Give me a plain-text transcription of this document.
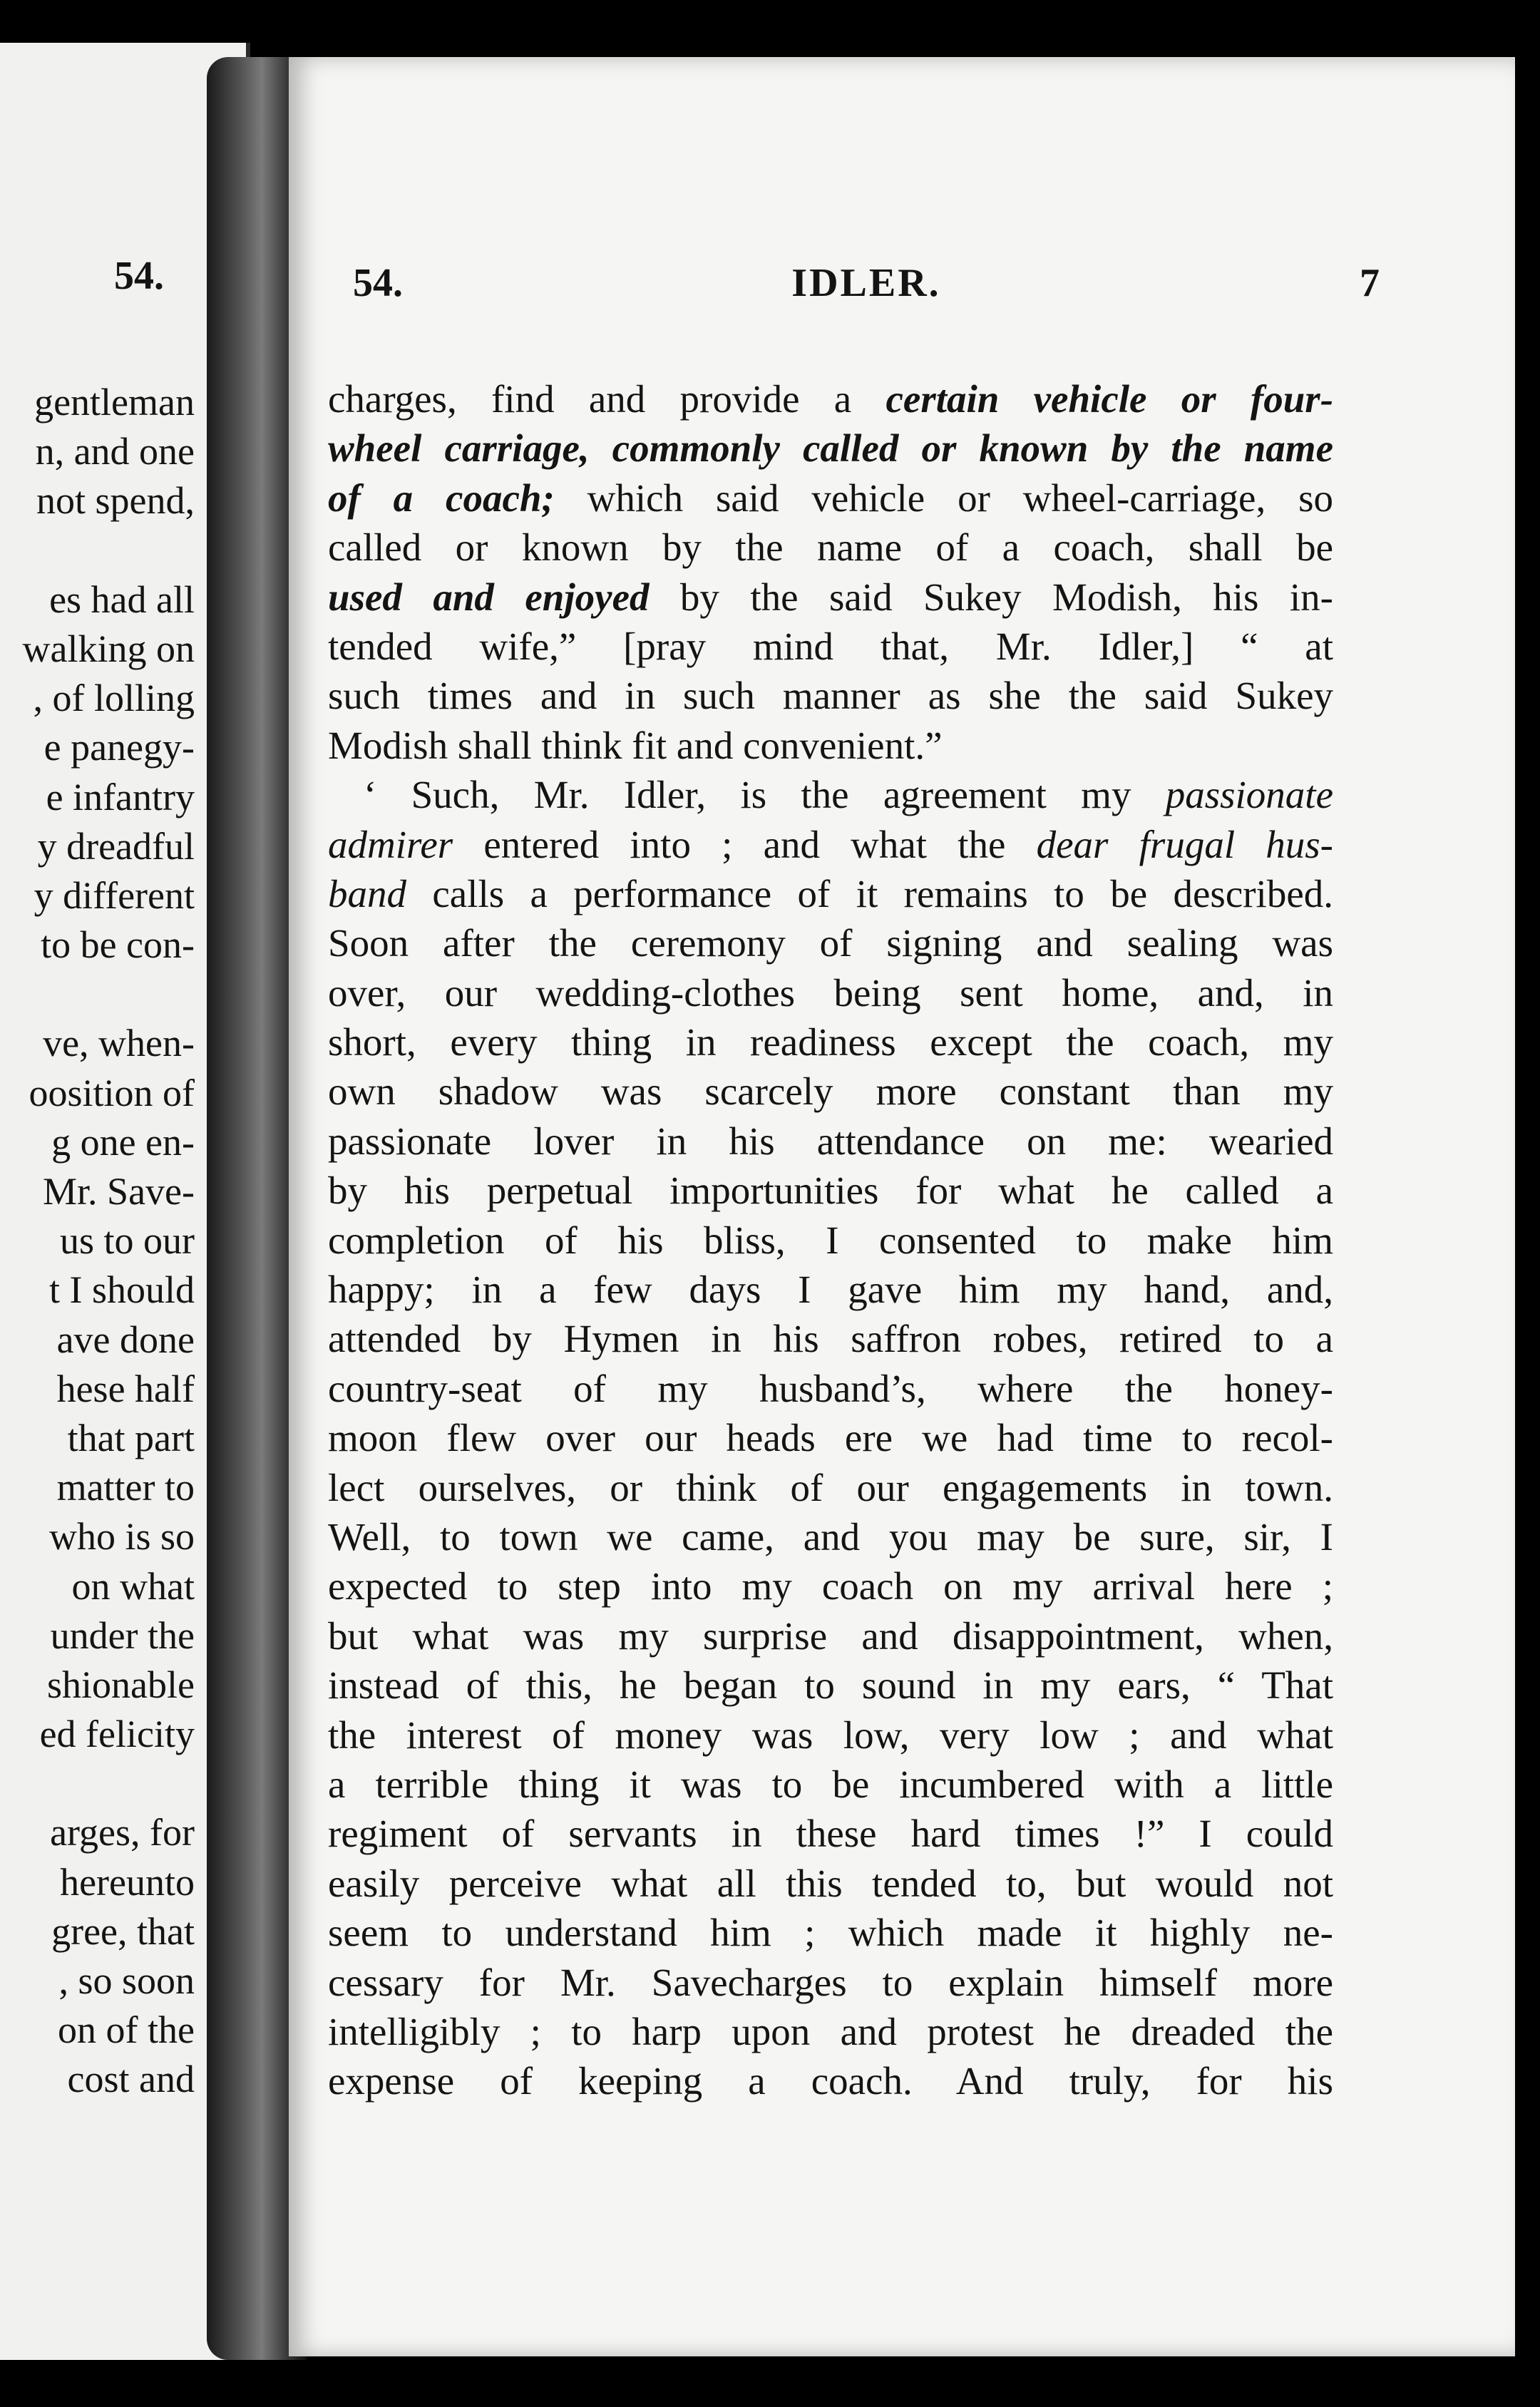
54.
gentleman
n, and one
not spend,
es had all
walking on
, of lolling
e panegy-
e infantry
y dreadful
y different
to be con-
ve, when-
oosition of
g one en-
Mr. Save-
us to our
t I should
ave done
hese half
that part
matter to
who is so
on what
under the
shionable
ed felicity
arges, for
hereunto
gree, that
, so soon
on of the
cost and
54.	IDLER.	7
charges, find and provide a certain vehicle or four-
wheel carriage, commonly called or known by the name
of a coach; which said vehicle or wheel-carriage, so
called or known by the name of a coach, shall be
used and enjoyed by the said Sukey Modish, his in-
tended wife,” [pray mind that, Mr. Idler,] “ at
such times and in such manner as she the said Sukey
Modish shall think fit and convenient.”
‘ Such, Mr. Idler, is the agreement my passionate
admirer entered into ; and what the dear frugal hus-
band calls a performance of it remains to be described.
Soon after the ceremony of signing and sealing was
over, our wedding-clothes being sent home, and, in
short, every thing in readiness except the coach, my
own shadow was scarcely more constant than my
passionate lover in his attendance on me: wearied
by his perpetual importunities for what he called a
completion of his bliss, I consented to make him
happy; in a few days I gave him my hand, and,
attended by Hymen in his saffron robes, retired to a
country-seat of my husband’s, where the honey-
moon flew over our heads ere we had time to recol-
lect ourselves, or think of our engagements in town.
Well, to town we came, and you may be sure, sir, I
expected to step into my coach on my arrival here ;
but what was my surprise and disappointment, when,
instead of this, he began to sound in my ears, “ That
the interest of money was low, very low ; and what
a terrible thing it was to be incumbered with a little
regiment of servants in these hard times !” I could
easily perceive what all this tended to, but would not
seem to understand him ; which made it highly ne-
cessary for Mr. Savecharges to explain himself more
intelligibly ; to harp upon and protest he dreaded the
expense of keeping a coach. And truly, for his
